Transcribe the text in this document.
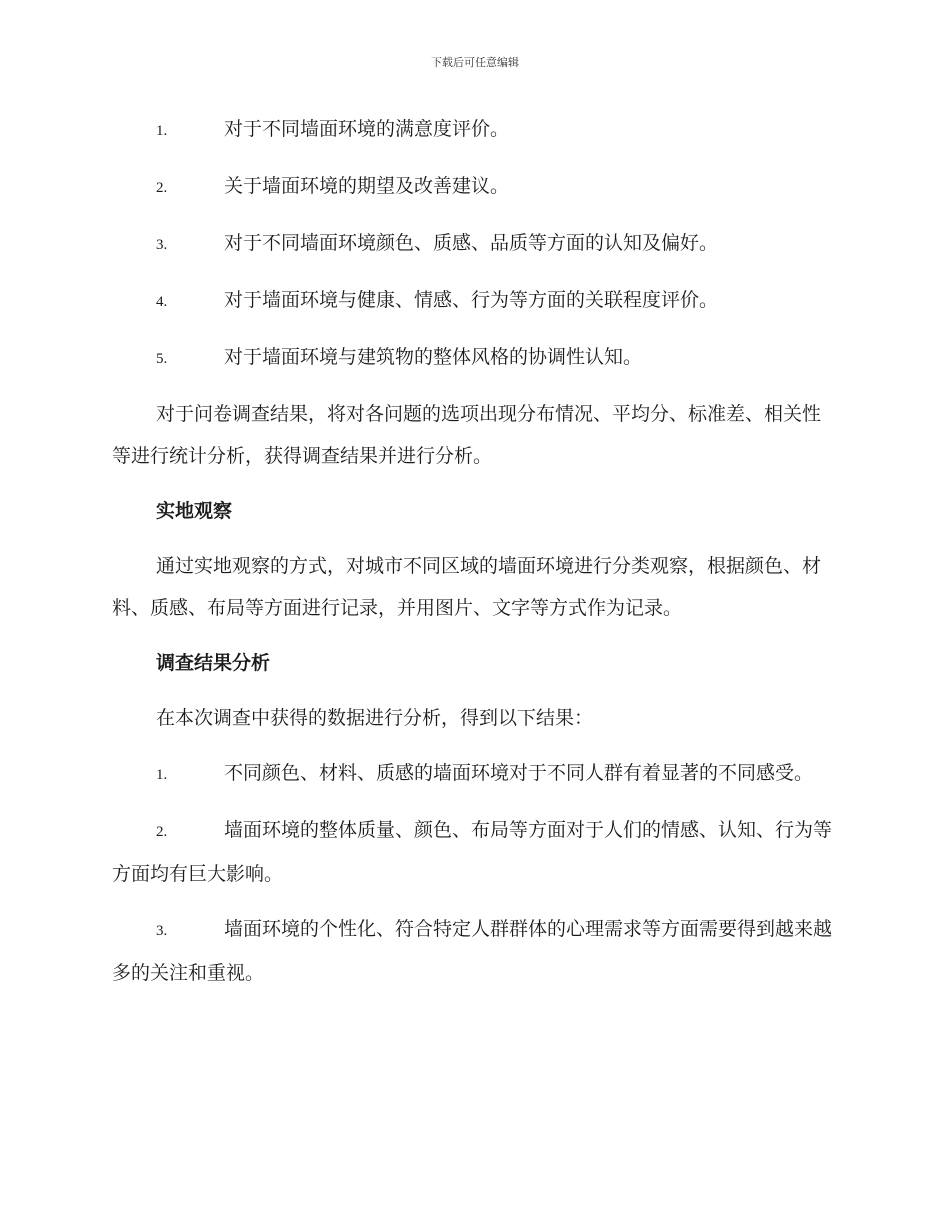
下载后可任意编辑
1.	对于不同墙面环境的满意度评价。
2.	关于墙面环境的期望及改善建议。
3.	对于不同墙面环境颜色、质感、品质等方面的认知及偏好。
4.	对于墙面环境与健康、情感、行为等方面的关联程度评价。
5.	对于墙面环境与建筑物的整体风格的协调性认知。

对于问卷调查结果，将对各问题的选项出现分布情况、平均分、标准差、相关性等进行统计分析，获得调查结果并进行分析。

实地观察

通过实地观察的方式，对城市不同区域的墙面环境进行分类观察，根据颜色、材料、质感、布局等方面进行记录，并用图片、文字等方式作为记录。

调查结果分析

在本次调查中获得的数据进行分析，得到以下结果：

1.	不同颜色、材料、质感的墙面环境对于不同人群有着显著的不同感受。
2.	墙面环境的整体质量、颜色、布局等方面对于人们的情感、认知、行为等方面均有巨大影响。
3.	墙面环境的个性化、符合特定人群群体的心理需求等方面需要得到越来越多的关注和重视。
